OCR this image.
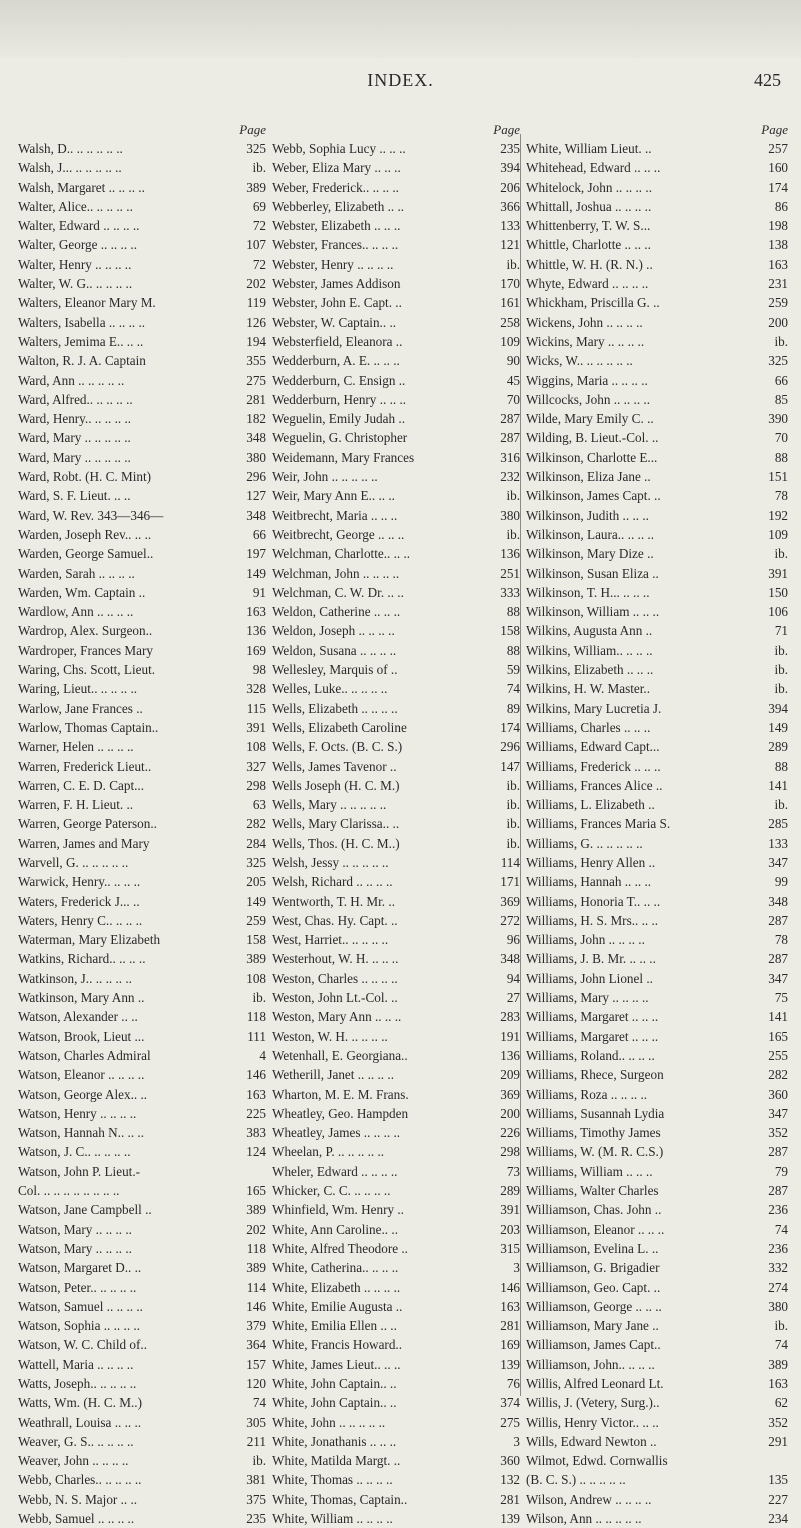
INDEX.	425
Page
Walsh, D.. .. .. .. .. ..	325
Walsh, J... .. .. .. .. ..	ib.
Walsh, Margaret .. .. .. ..	389
Walter, Alice.. .. .. .. ..	69
Walter, Edward .. .. .. ..	72
Walter, George .. .. .. ..	107
Walter, Henry .. .. .. ..	72
Walter, W. G.. .. .. .. ..	202
Walters, Eleanor Mary M.	119
Walters, Isabella .. .. .. ..	126
Walters, Jemima E.. .. ..	194
Walton, R. J. A. Captain	355
Ward, Ann .. .. .. .. ..	275
Ward, Alfred.. .. .. .. ..	281
Ward, Henry.. .. .. .. ..	182
Ward, Mary .. .. .. .. ..	348
Ward, Mary .. .. .. .. ..	380
Ward, Robt. (H. C. Mint)	296
Ward, S. F. Lieut. .. ..	127
Ward, W. Rev. 343—346—	348
Warden, Joseph Rev.. .. ..	66
Warden, George Samuel..	197
Warden, Sarah .. .. .. ..	149
Warden, Wm. Captain ..	91
Wardlow, Ann .. .. .. ..	163
Wardrop, Alex. Surgeon..	136
Wardroper, Frances Mary	169
Waring, Chs. Scott, Lieut.	98
Waring, Lieut.. .. .. .. ..	328
Warlow, Jane Frances ..	115
Warlow, Thomas Captain..	391
Warner, Helen .. .. .. ..	108
Warren, Frederick Lieut..	327
Warren, C. E. D. Capt...	298
Warren, F. H. Lieut. ..	63
Warren, George Paterson..	282
Warren, James and Mary	284
Warvell, G. .. .. .. .. ..	325
Warwick, Henry.. .. .. ..	205
Waters, Frederick J... ..	149
Waters, Henry C.. .. .. ..	259
Waterman, Mary Elizabeth	158
Watkins, Richard.. .. .. ..	389
Watkinson, J.. .. .. .. ..	108
Watkinson, Mary Ann ..	ib.
Watson, Alexander .. ..	118
Watson, Brook, Lieut ...	111
Watson, Charles Admiral	4
Watson, Eleanor .. .. .. ..	146
Watson, George Alex.. ..	163
Watson, Henry .. .. .. ..	225
Watson, Hannah N.. .. ..	383
Watson, J. C.. .. .. .. ..	124
Watson, John P. Lieut.-
Col. .. .. .. .. .. .. .. ..	165
Watson, Jane Campbell ..	389
Watson, Mary .. .. .. ..	202
Watson, Mary .. .. .. ..	118
Watson, Margaret D.. ..	389
Watson, Peter.. .. .. .. ..	114
Watson, Samuel .. .. .. ..	146
Watson, Sophia .. .. .. ..	379
Watson, W. C. Child of..	364
Wattell, Maria .. .. .. ..	157
Watts, Joseph.. .. .. .. ..	120
Watts, Wm. (H. C. M..)	74
Weathrall, Louisa .. .. ..	305
Weaver, G. S.. .. .. .. ..	211
Weaver, John .. .. .. ..	ib.
Webb, Charles.. .. .. .. ..	381
Webb, N. S. Major .. ..	375
Webb, Samuel .. .. .. ..	235
Page
Webb, Sophia Lucy .. .. ..	235
Weber, Eliza Mary .. .. ..	394
Weber, Frederick.. .. .. ..	206
Webberley, Elizabeth .. ..	366
Webster, Elizabeth .. .. ..	133
Webster, Frances.. .. .. ..	121
Webster, Henry .. .. .. ..	ib.
Webster, James Addison	170
Webster, John E. Capt. ..	161
Webster, W. Captain.. ..	258
Websterfield, Eleanora ..	109
Wedderburn, A. E. .. .. ..	90
Wedderburn, C. Ensign ..	45
Wedderburn, Henry .. .. ..	70
Weguelin, Emily Judah ..	287
Weguelin, G. Christopher	287
Weidemann, Mary Frances	316
Weir, John .. .. .. .. ..	232
Weir, Mary Ann E.. .. ..	ib.
Weitbrecht, Maria .. .. ..	380
Weitbrecht, George .. .. ..	ib.
Welchman, Charlotte.. .. ..	136
Welchman, John .. .. .. ..	251
Welchman, C. W. Dr. .. ..	333
Weldon, Catherine .. .. ..	88
Weldon, Joseph .. .. .. ..	158
Weldon, Susana .. .. .. ..	88
Wellesley, Marquis of ..	59
Welles, Luke.. .. .. .. ..	74
Wells, Elizabeth .. .. .. ..	89
Wells, Elizabeth Caroline	174
Wells, F. Octs. (B. C. S.)	296
Wells, James Tavenor ..	147
Wells Joseph (H. C. M.)	ib.
Wells, Mary .. .. .. .. ..	ib.
Wells, Mary Clarissa.. ..	ib.
Wells, Thos. (H. C. M..)	ib.
Welsh, Jessy .. .. .. .. ..	114
Welsh, Richard .. .. .. ..	171
Wentworth, T. H. Mr. ..	369
West, Chas. Hy. Capt. ..	272
West, Harriet.. .. .. .. ..	96
Westerhout, W. H. .. .. ..	348
Weston, Charles .. .. .. ..	94
Weston, John Lt.-Col. ..	27
Weston, Mary Ann .. .. ..	283
Weston, W. H. .. .. .. ..	191
Wetenhall, E. Georgiana..	136
Wetherill, Janet .. .. .. ..	209
Wharton, M. E. M. Frans.	369
Wheatley, Geo. Hampden	200
Wheatley, James .. .. .. ..	226
Wheelan, P. .. .. .. .. ..	298
Wheler, Edward .. .. .. ..	73
Whicker, C. C. .. .. .. ..	289
Whinfield, Wm. Henry ..	391
White, Ann Caroline.. ..	203
White, Alfred Theodore ..	315
White, Catherina.. .. .. ..	3
White, Elizabeth .. .. .. ..	146
White, Emilie Augusta ..	163
White, Emilia Ellen .. ..	281
White, Francis Howard..	169
White, James Lieut.. .. ..	139
White, John Captain.. ..	76
White, John Captain.. ..	374
White, John .. .. .. .. ..	275
White, Jonathanis .. .. ..	3
White, Matilda Margt. ..	360
White, Thomas .. .. .. ..	132
White, Thomas, Captain..	281
White, William .. .. .. ..	139
Page
White, William Lieut. ..	257
Whitehead, Edward .. .. ..	160
Whitelock, John .. .. .. ..	174
Whittall, Joshua .. .. .. ..	86
Whittenberry, T. W. S...	198
Whittle, Charlotte .. .. ..	138
Whittle, W. H. (R. N.) ..	163
Whyte, Edward .. .. .. ..	231
Whickham, Priscilla G. ..	259
Wickens, John .. .. .. ..	200
Wickins, Mary .. .. .. ..	ib.
Wicks, W.. .. .. .. .. ..	325
Wiggins, Maria .. .. .. ..	66
Willcocks, John .. .. .. ..	85
Wilde, Mary Emily C. ..	390
Wilding, B. Lieut.-Col. ..	70
Wilkinson, Charlotte E...	88
Wilkinson, Eliza Jane ..	151
Wilkinson, James Capt. ..	78
Wilkinson, Judith .. .. ..	192
Wilkinson, Laura.. .. .. ..	109
Wilkinson, Mary Dize ..	ib.
Wilkinson, Susan Eliza ..	391
Wilkinson, T. H... .. .. ..	150
Wilkinson, William .. .. ..	106
Wilkins, Augusta Ann ..	71
Wilkins, William.. .. .. ..	ib.
Wilkins, Elizabeth .. .. ..	ib.
Wilkins, H. W. Master..	ib.
Wilkins, Mary Lucretia J.	394
Williams, Charles .. .. ..	149
Williams, Edward Capt...	289
Williams, Frederick .. .. ..	88
Williams, Frances Alice ..	141
Williams, L. Elizabeth ..	ib.
Williams, Frances Maria S.	285
Williams, G. .. .. .. .. ..	133
Williams, Henry Allen ..	347
Williams, Hannah .. .. ..	99
Williams, Honoria T.. .. ..	348
Williams, H. S. Mrs.. .. ..	287
Williams, John .. .. .. ..	78
Williams, J. B. Mr. .. .. ..	287
Williams, John Lionel ..	347
Williams, Mary .. .. .. ..	75
Williams, Margaret .. .. ..	141
Williams, Margaret .. .. ..	165
Williams, Roland.. .. .. ..	255
Williams, Rhece, Surgeon	282
Williams, Roza .. .. .. ..	360
Williams, Susannah Lydia	347
Williams, Timothy James	352
Williams, W. (M. R. C.S.)	287
Williams, William .. .. ..	79
Williams, Walter Charles	287
Williamson, Chas. John ..	236
Williamson, Eleanor .. .. ..	74
Williamson, Evelina L. ..	236
Williamson, G. Brigadier	332
Williamson, Geo. Capt. ..	274
Williamson, George .. .. ..	380
Williamson, Mary Jane ..	ib.
Williamson, James Capt..	74
Williamson, John.. .. .. ..	389
Willis, Alfred Leonard Lt.	163
Willis, J. (Vetery, Surg.)..	62
Willis, Henry Victor.. .. ..	352
Wills, Edward Newton ..	291
Wilmot, Edwd. Cornwallis
(B. C. S.) .. .. .. .. ..	135
Wilson, Andrew .. .. .. ..	227
Wilson, Ann .. .. .. .. ..	234
